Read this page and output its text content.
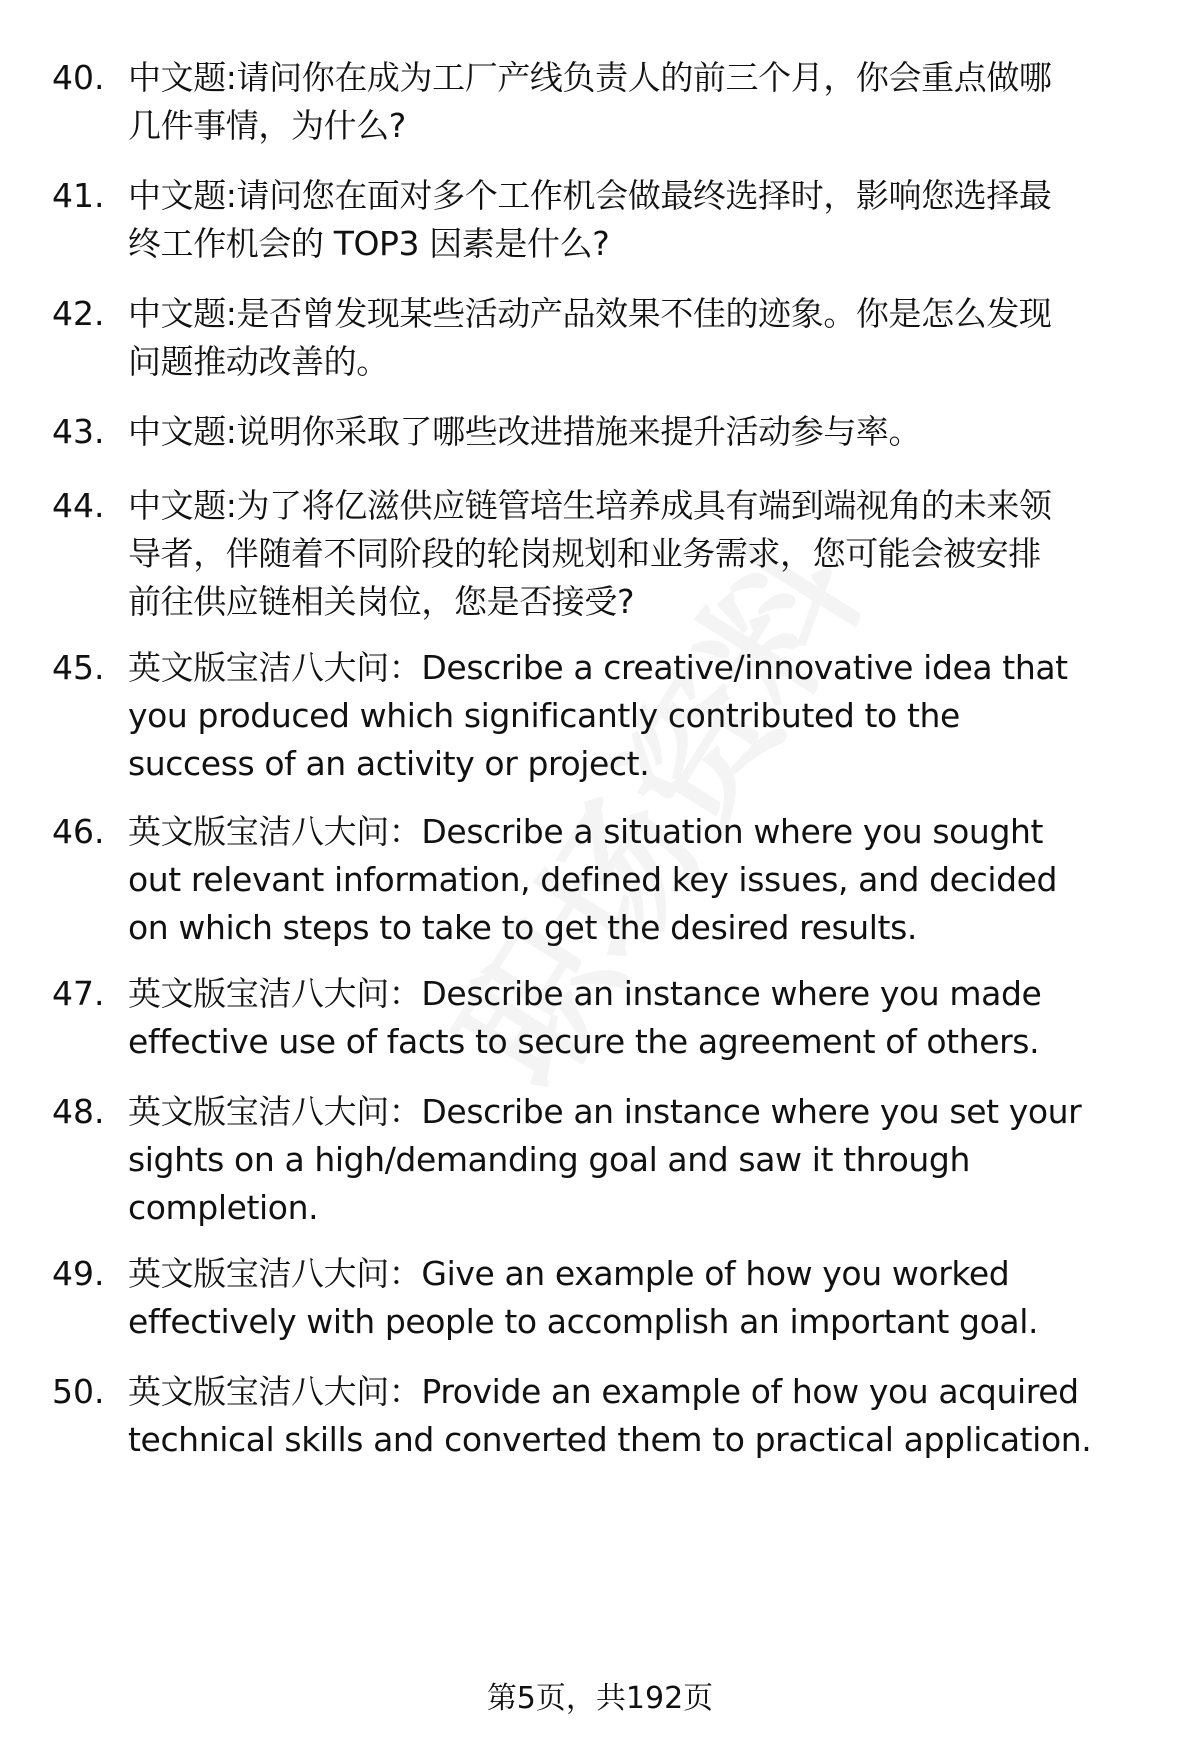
40. 中文题:请问你在成为工厂产线负责人的前三个月，你会重点做哪
几件事情，为什么?
41. 中文题:请问您在面对多个工作机会做最终选择时，影响您选择最
终工作机会的 TOP3 因素是什么?
42. 中文题:是否曾发现某些活动产品效果不佳的迹象。你是怎么发现
问题推动改善的。
43. 中文题:说明你采取了哪些改进措施来提升活动参与率。
44. 中文题:为了将亿滋供应链管培生培养成具有端到端视角的未来领
导者，伴随着不同阶段的轮岗规划和业务需求，您可能会被安排
前往供应链相关岗位，您是否接受?
45. 英文版宝洁八大问：Describe a creative/innovative idea that
you produced which significantly contributed to the
success of an activity or project.
46. 英文版宝洁八大问：Describe a situation where you sought
out relevant information, defined key issues, and decided
on which steps to take to get the desired results.
47. 英文版宝洁八大问：Describe an instance where you made
effective use of facts to secure the agreement of others.
48. 英文版宝洁八大问：Describe an instance where you set your
sights on a high/demanding goal and saw it through
completion.
49. 英文版宝洁八大问：Give an example of how you worked
effectively with people to accomplish an important goal.
50. 英文版宝洁八大问：Provide an example of how you acquired
technical skills and converted them to practical application.
第5页，共192页
